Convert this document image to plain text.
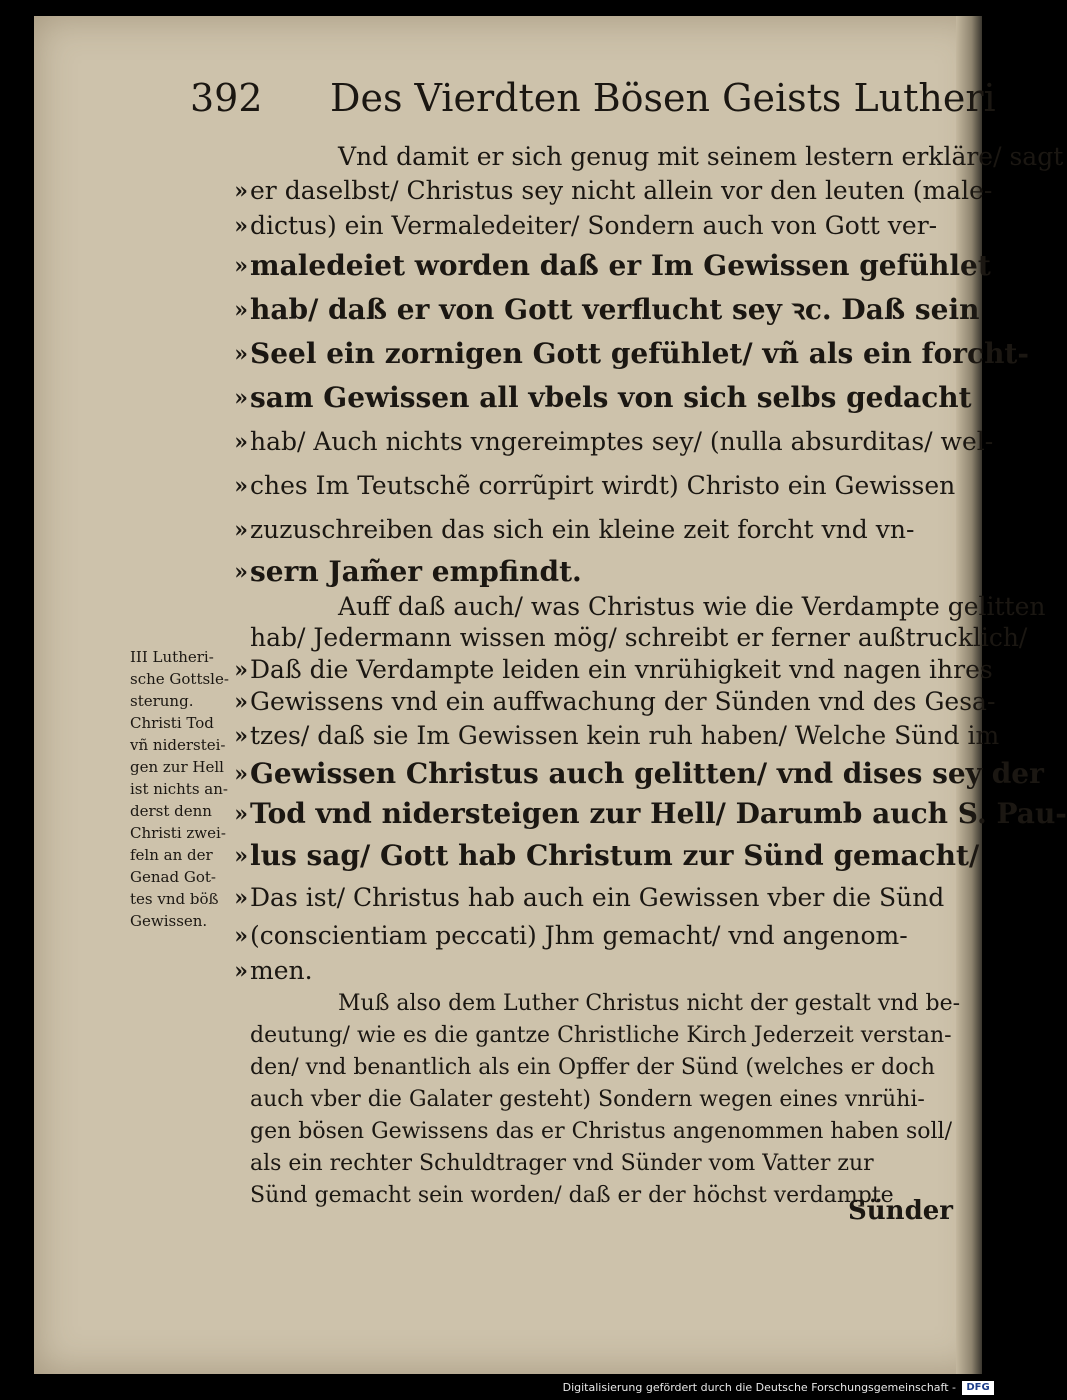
392 Des Vierdten Bösen Geists Lutheri
Vnd damit er sich genug mit seinem lestern erkläre/ sagt
» er daselbst/ Christus sey nicht allein vor den leuten (male-
» dictus) ein Vermaledeiter/ Sondern auch von Gott ver-
» maledeiet worden daß er Im Gewissen gefühlet
» hab/ daß er von Gott verflucht sey ꝛc. Daß sein
» Seel ein zornigen Gott gefühlet/ vñ als ein forcht-
» sam Gewissen all vbels von sich selbs gedacht
» hab/ Auch nichts vngereimptes sey/ (nulla absurditas/ wel-
» ches Im Teutschẽ corrũpirt wirdt) Christo ein Gewissen
» zuzuschreiben das sich ein kleine zeit forcht vnd vn-
» sern Jam̃er empfindt.
Auff daß auch/ was Christus wie die Verdampte gelitten
hab/ Jedermann wissen mög/ schreibt er ferner außtrucklich/
» Daß die Verdampte leiden ein vnrühigkeit vnd nagen ihres
» Gewissens vnd ein auffwachung der Sünden vnd des Gesa-
» tzes/ daß sie Im Gewissen kein ruh haben/ Welche Sünd im
» Gewissen Christus auch gelitten/ vnd dises sey der
» Tod vnd nidersteigen zur Hell/ Darumb auch S. Pau-
» lus sag/ Gott hab Christum zur Sünd gemacht/
» Das ist/ Christus hab auch ein Gewissen vber die Sünd
» (conscientiam peccati) Jhm gemacht/ vnd angenom-
» men.
Muß also dem Luther Christus nicht der gestalt vnd be-
deutung/ wie es die gantze Christliche Kirch Jederzeit verstan-
den/ vnd benantlich als ein Opffer der Sünd (welches er doch
auch vber die Galater gesteht) Sondern wegen eines vnrühi-
gen bösen Gewissens das er Christus angenommen haben soll/
als ein rechter Schuldtrager vnd Sünder vom Vatter zur
Sünd gemacht sein worden/ daß er der höchst verdampte
III Lutheri-
sche Gottsle-
sterung.
Christi Tod
vñ niderstei-
gen zur Hell
ist nichts an-
derst denn
Christi zwei-
feln an der
Genad Got-
tes vnd böß
Gewissen.
Sünder
Digitalisierung gefördert durch die Deutsche Forschungsgemeinschaft -	DFG
